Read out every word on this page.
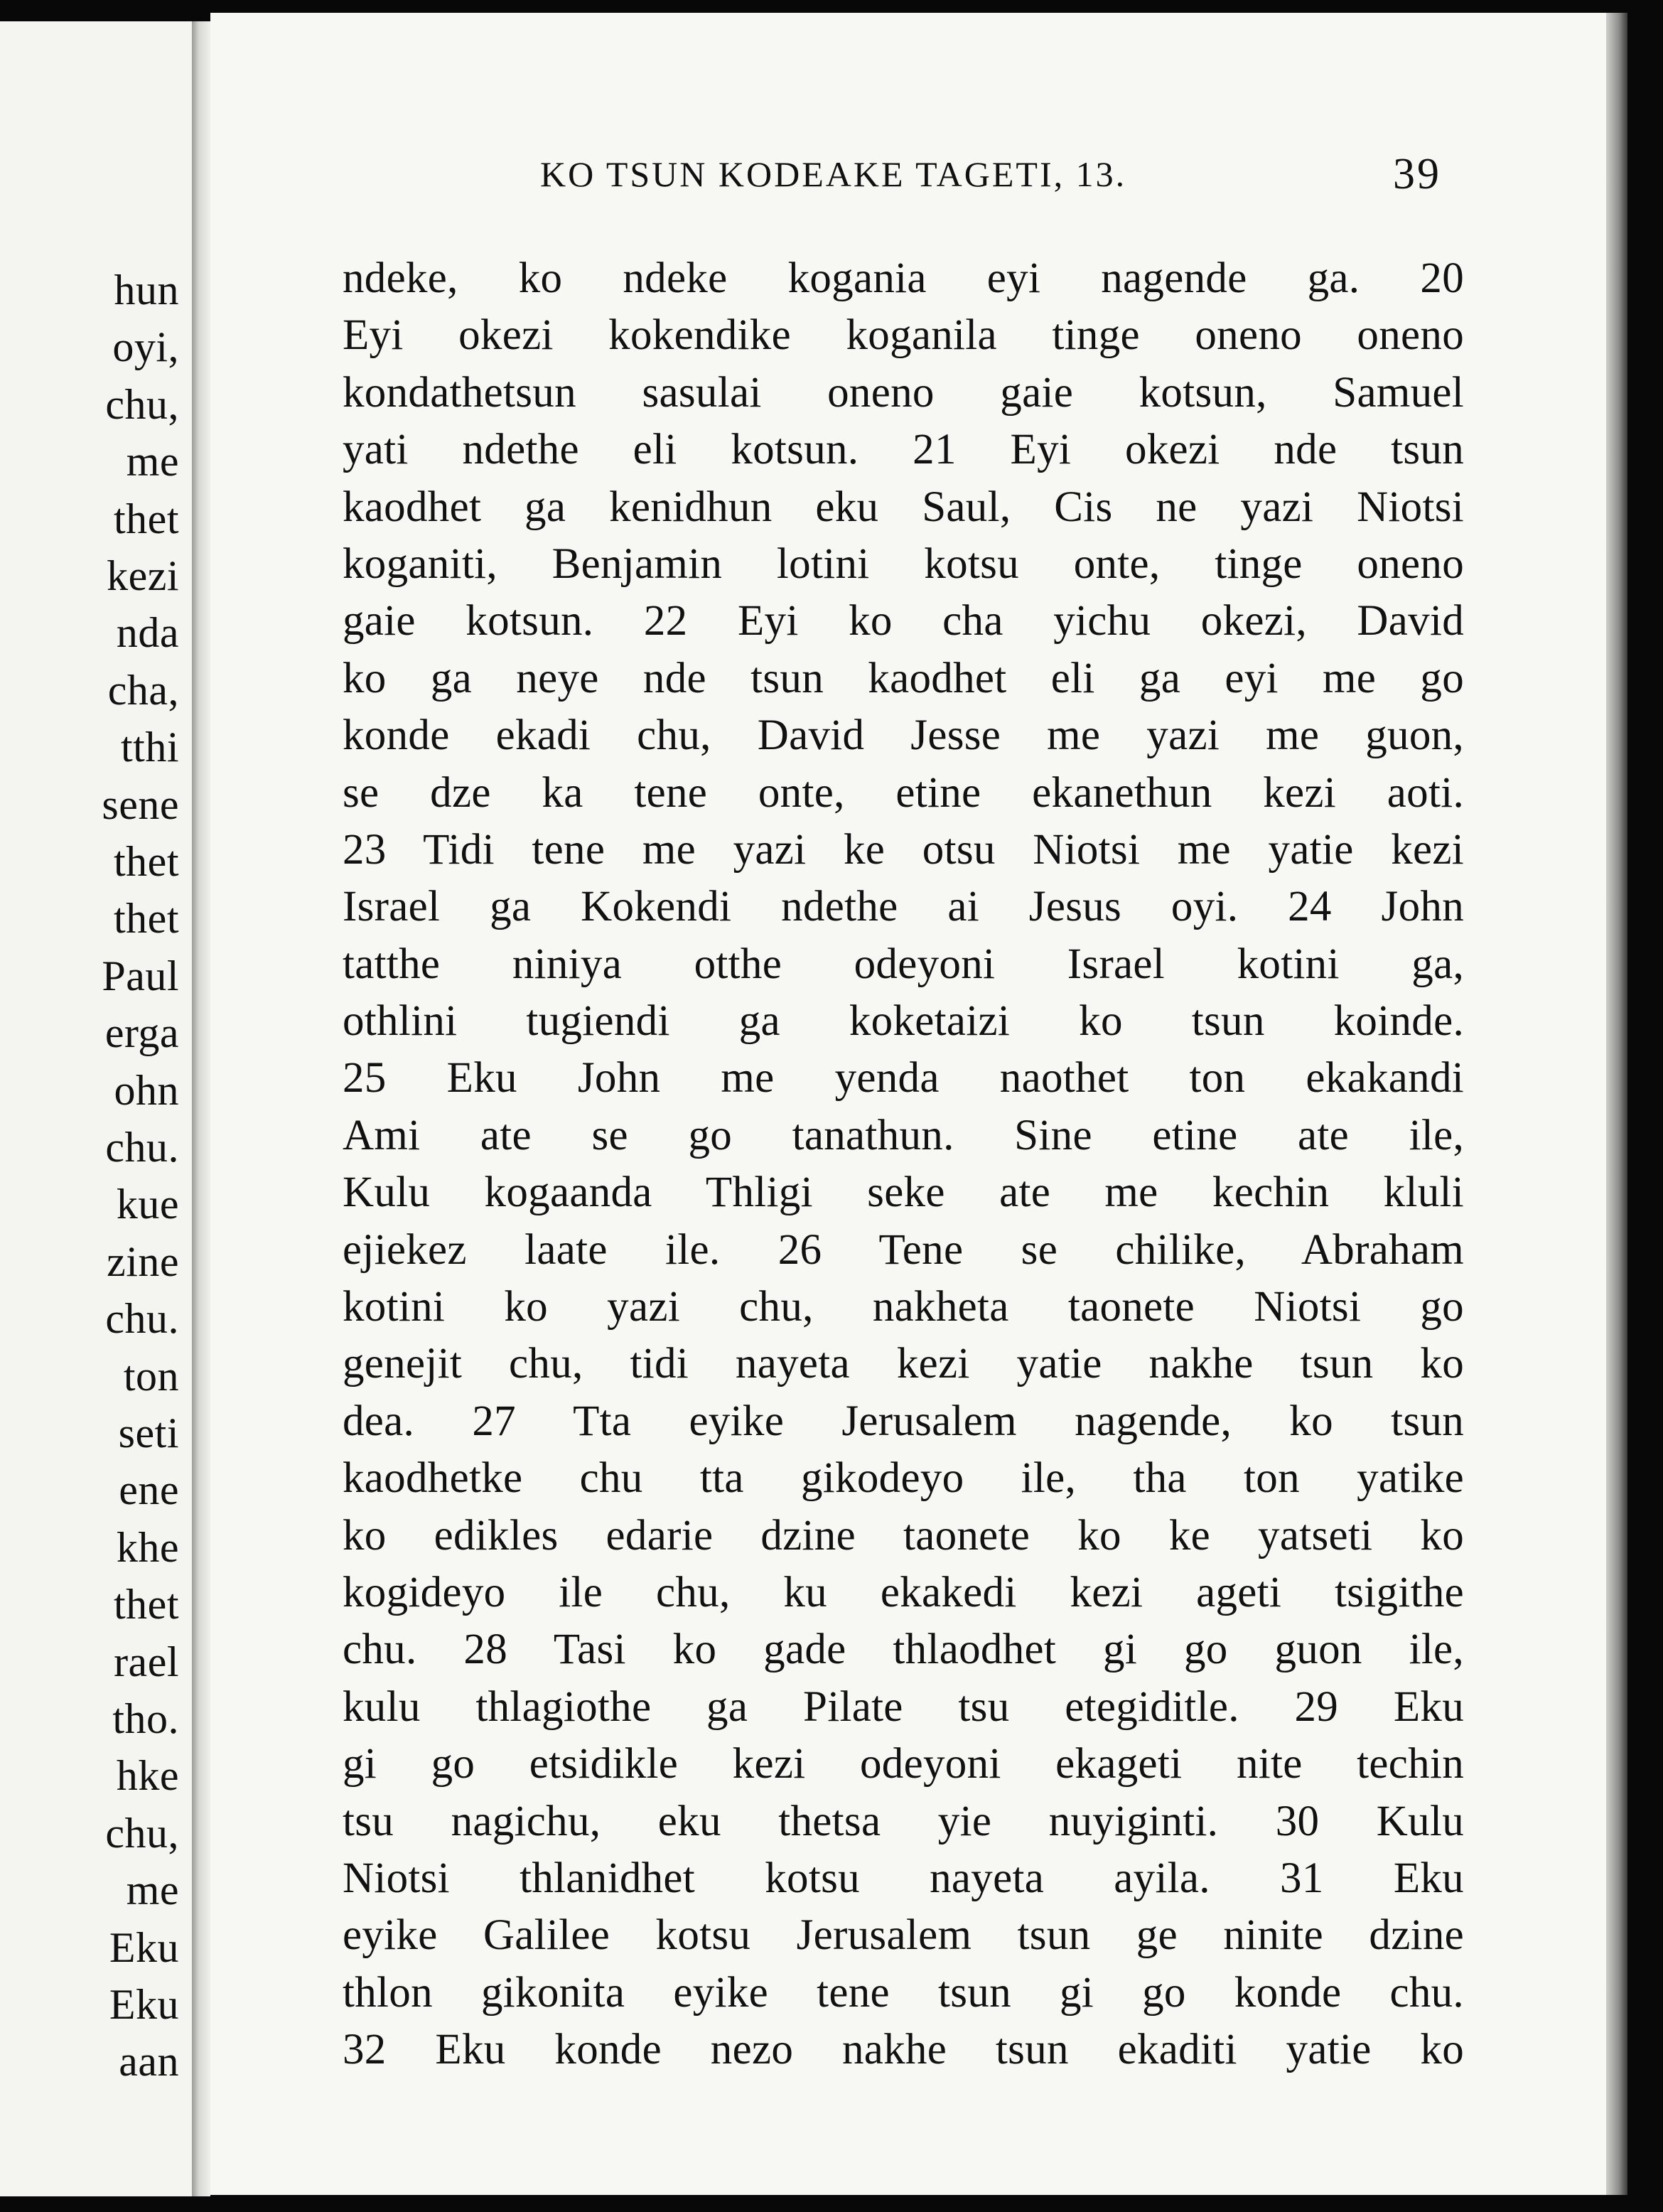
hun
oyi,
chu,
me
thet
kezi
nda
cha,
tthi
sene
thet
thet
Paul
erga
ohn
chu.
kue
zine
chu.
ton
seti
ene
khe
thet
rael
tho.
hke
chu,
me
Eku
Eku
aan
KO TSUN KODEAKE TAGETI, 13.	39
ndeke, ko ndeke kogania eyi nagende ga. 20
Eyi okezi kokendike koganila tinge oneno oneno
kondathetsun sasulai oneno gaie kotsun, Samuel
yati ndethe eli kotsun. 21 Eyi okezi nde tsun
kaodhet ga kenidhun eku Saul, Cis ne yazi Niotsi
koganiti, Benjamin lotini kotsu onte, tinge oneno
gaie kotsun. 22 Eyi ko cha yichu okezi, David
ko ga neye nde tsun kaodhet eli ga eyi me go
konde ekadi chu, David Jesse me yazi me guon,
se dze ka tene onte, etine ekanethun kezi aoti.
23 Tidi tene me yazi ke otsu Niotsi me yatie kezi
Israel ga Kokendi ndethe ai Jesus oyi. 24 John
tatthe niniya otthe odeyoni Israel kotini ga,
othlini tugiendi ga koketaizi ko tsun koinde.
25 Eku John me yenda naothet ton ekakandi
Ami ate se go tanathun. Sine etine ate ile,
Kulu kogaanda Thligi seke ate me kechin kluli
ejiekez laate ile. 26 Tene se chilike, Abraham
kotini ko yazi chu, nakheta taonete Niotsi go
genejit chu, tidi nayeta kezi yatie nakhe tsun ko
dea. 27 Tta eyike Jerusalem nagende, ko tsun
kaodhetke chu tta gikodeyo ile, tha ton yatike
ko edikles edarie dzine taonete ko ke yatseti ko
kogideyo ile chu, ku ekakedi kezi ageti tsigithe
chu. 28 Tasi ko gade thlaodhet gi go guon ile,
kulu thlagiothe ga Pilate tsu etegiditle. 29 Eku
gi go etsidikle kezi odeyoni ekageti nite techin
tsu nagichu, eku thetsa yie nuyiginti. 30 Kulu
Niotsi thlanidhet kotsu nayeta ayila. 31 Eku
eyike Galilee kotsu Jerusalem tsun ge ninite dzine
thlon gikonita eyike tene tsun gi go konde chu.
32 Eku konde nezo nakhe tsun ekaditi yatie ko
